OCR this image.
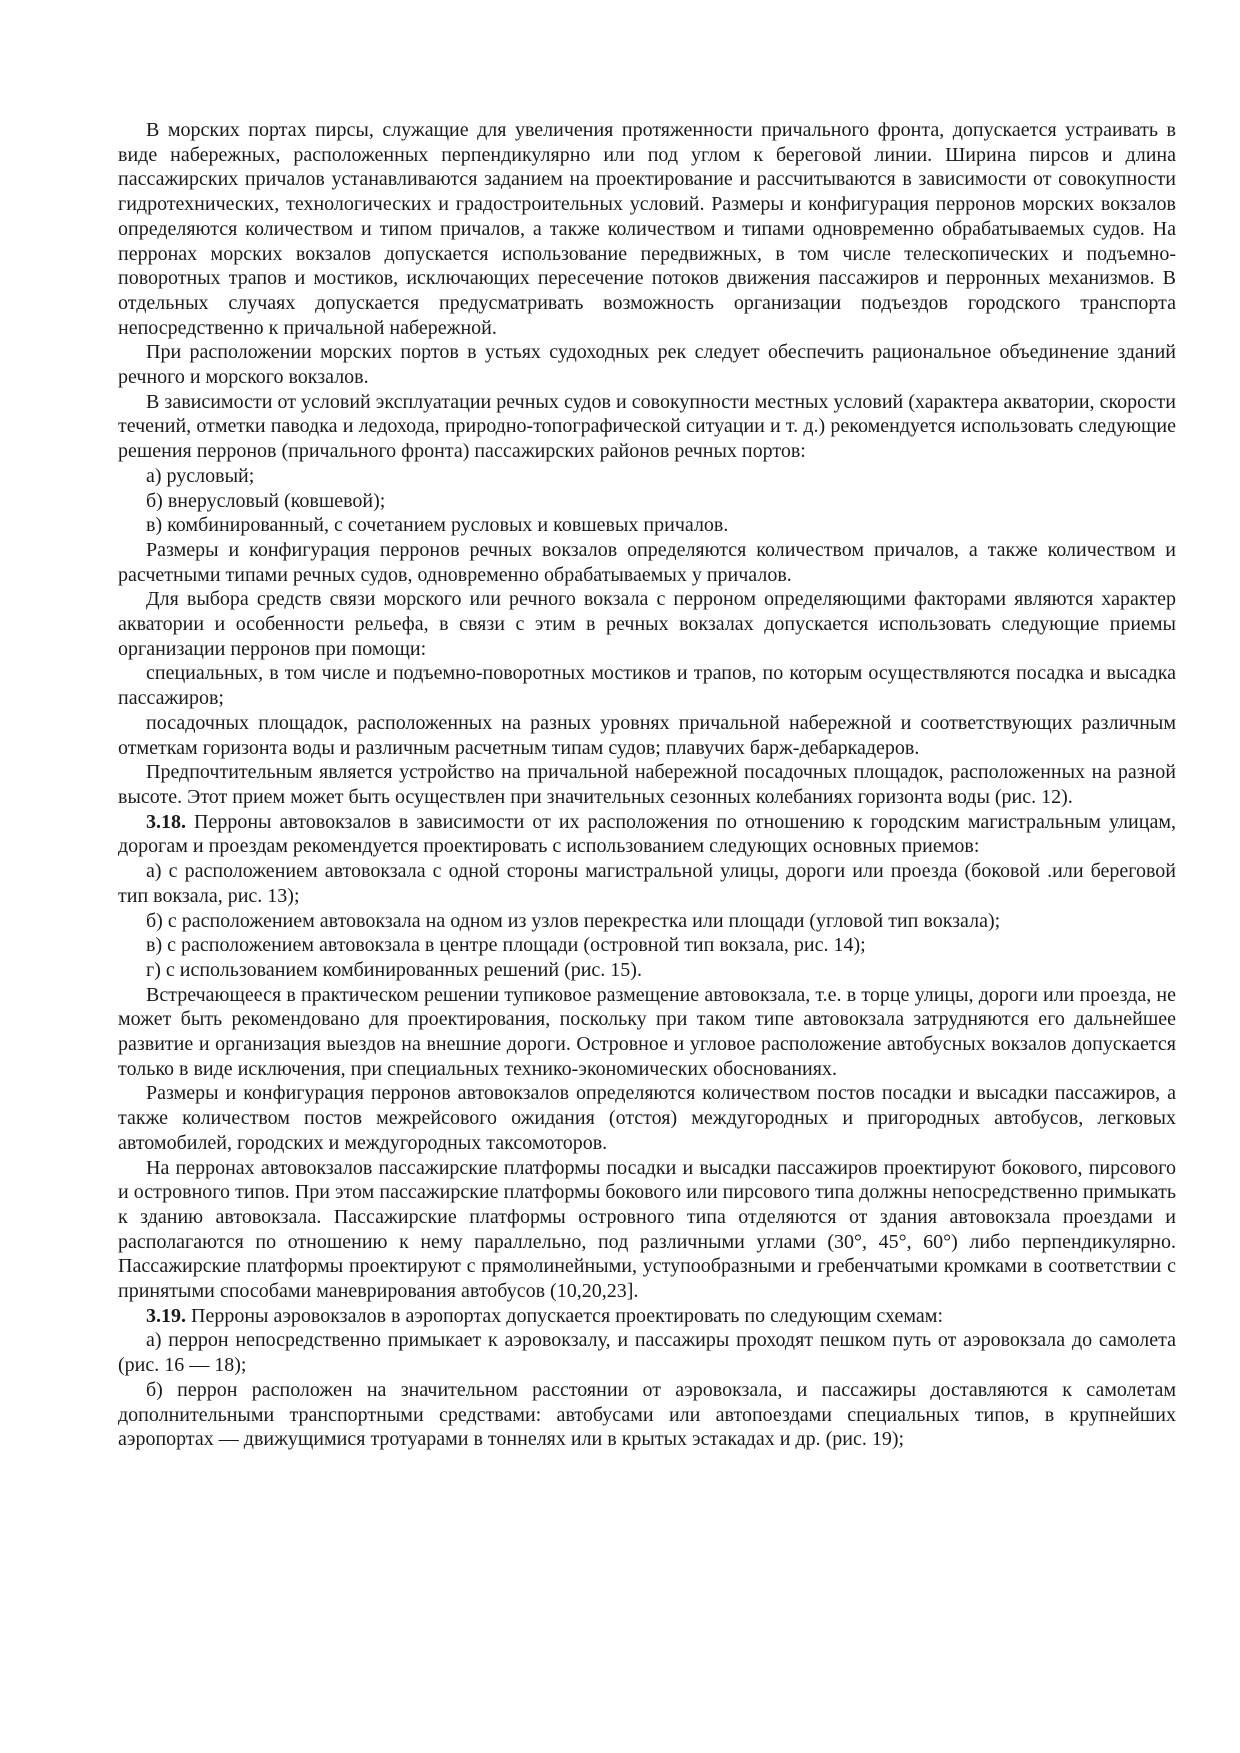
В морских портах пирсы, служащие для увеличения протяженности причального фронта, допускается устраивать в виде набережных, расположенных перпендикулярно или под углом к береговой линии. Ширина пирсов и длина пассажирских причалов устанавливаются заданием на проектирование и рассчитываются в зависимости от совокупности гидротехнических, технологических и градостроительных условий. Размеры и конфигурация перронов морских вокзалов определяются количеством и типом причалов, а также количеством и типами одновременно обрабатываемых судов. На перронах морских вокзалов допускается использование передвижных, в том числе телескопических и подъемно-поворотных трапов и мостиков, исключающих пересечение потоков движения пассажиров и перронных механизмов. В отдельных случаях допускается предусматривать возможность организации подъездов городского транспорта непосредственно к причальной набережной.

При расположении морских портов в устьях судоходных рек следует обеспечить рациональное объединение зданий речного и морского вокзалов.

В зависимости от условий эксплуатации речных судов и совокупности местных условий (характера акватории, скорости течений, отметки паводка и ледохода, природно-топографической ситуации и т. д.) рекомендуется использовать следующие решения перронов (причального фронта) пассажирских районов речных портов:

а) русловый;

б) внерусловый (ковшевой);

в) комбинированный, с сочетанием русловых и ковшевых причалов.

Размеры и конфигурация перронов речных вокзалов определяются количеством причалов, а также количеством и расчетными типами речных судов, одновременно обрабатываемых у причалов.

Для выбора средств связи морского или речного вокзала с перроном определяющими факторами являются характер акватории и особенности рельефа, в связи с этим в речных вокзалах допускается использовать следующие приемы организации перронов при помощи:

специальных, в том числе и подъемно-поворотных мостиков и трапов, по которым осуществляются посадка и высадка пассажиров;

посадочных площадок, расположенных на разных уровнях причальной набережной и соответствующих различным отметкам горизонта воды и различным расчетным типам судов; плавучих барж-дебаркадеров.

Предпочтительным является устройство на причальной набережной посадочных площадок, расположенных на разной высоте. Этот прием может быть осуществлен при значительных сезонных колебаниях горизонта воды (рис. 12).

3.18. Перроны автовокзалов в зависимости от их расположения по отношению к городским магистральным улицам, дорогам и проездам рекомендуется проектировать с использованием следующих основных приемов:

а) с расположением автовокзала с одной стороны магистральной улицы, дороги или проезда (боковой .или береговой тип вокзала, рис. 13);

б) с расположением автовокзала на одном из узлов перекрестка или площади (угловой тип вокзала);

в) с расположением автовокзала в центре площади (островной тип вокзала, рис. 14);

г) с использованием комбинированных решений (рис. 15).

Встречающееся в практическом решении тупиковое размещение автовокзала, т.е. в торце улицы, дороги или проезда, не может быть рекомендовано для проектирования, поскольку при таком типе автовокзала затрудняются его дальнейшее развитие и организация выездов на внешние дороги. Островное и угловое расположение автобусных вокзалов допускается только в виде исключения, при специальных технико-экономических обоснованиях.

Размеры и конфигурация перронов автовокзалов определяются количеством постов посадки и высадки пассажиров, а также количеством постов межрейсового ожидания (отстоя) междугородных и пригородных автобусов, легковых автомобилей, городских и междугородных таксомоторов.

На перронах автовокзалов пассажирские платформы посадки и высадки пассажиров проектируют бокового, пирсового и островного типов. При этом пассажирские платформы бокового или пирсового типа должны непосредственно примыкать к зданию автовокзала. Пассажирские платформы островного типа отделяются от здания автовокзала проездами и располагаются по отношению к нему параллельно, под различными углами (30°, 45°, 60°) либо перпендикулярно. Пассажирские платформы проектируют с прямолинейными, уступообразными и гребенчатыми кромками в соответствии с принятыми способами маневрирования автобусов (10,20,23].

3.19. Перроны аэровокзалов в аэропортах допускается проектировать по следующим схемам:

а) перрон непосредственно примыкает к аэровокзалу, и пассажиры проходят пешком путь от аэровокзала до самолета (рис. 16 — 18);

б) перрон расположен на значительном расстоянии от аэровокзала, и пассажиры доставляются к самолетам дополнительными транспортными средствами: автобусами или автопоездами специальных типов, в крупнейших аэропортах — движущимися тротуарами в тоннелях или в крытых эстакадах и др. (рис. 19);
